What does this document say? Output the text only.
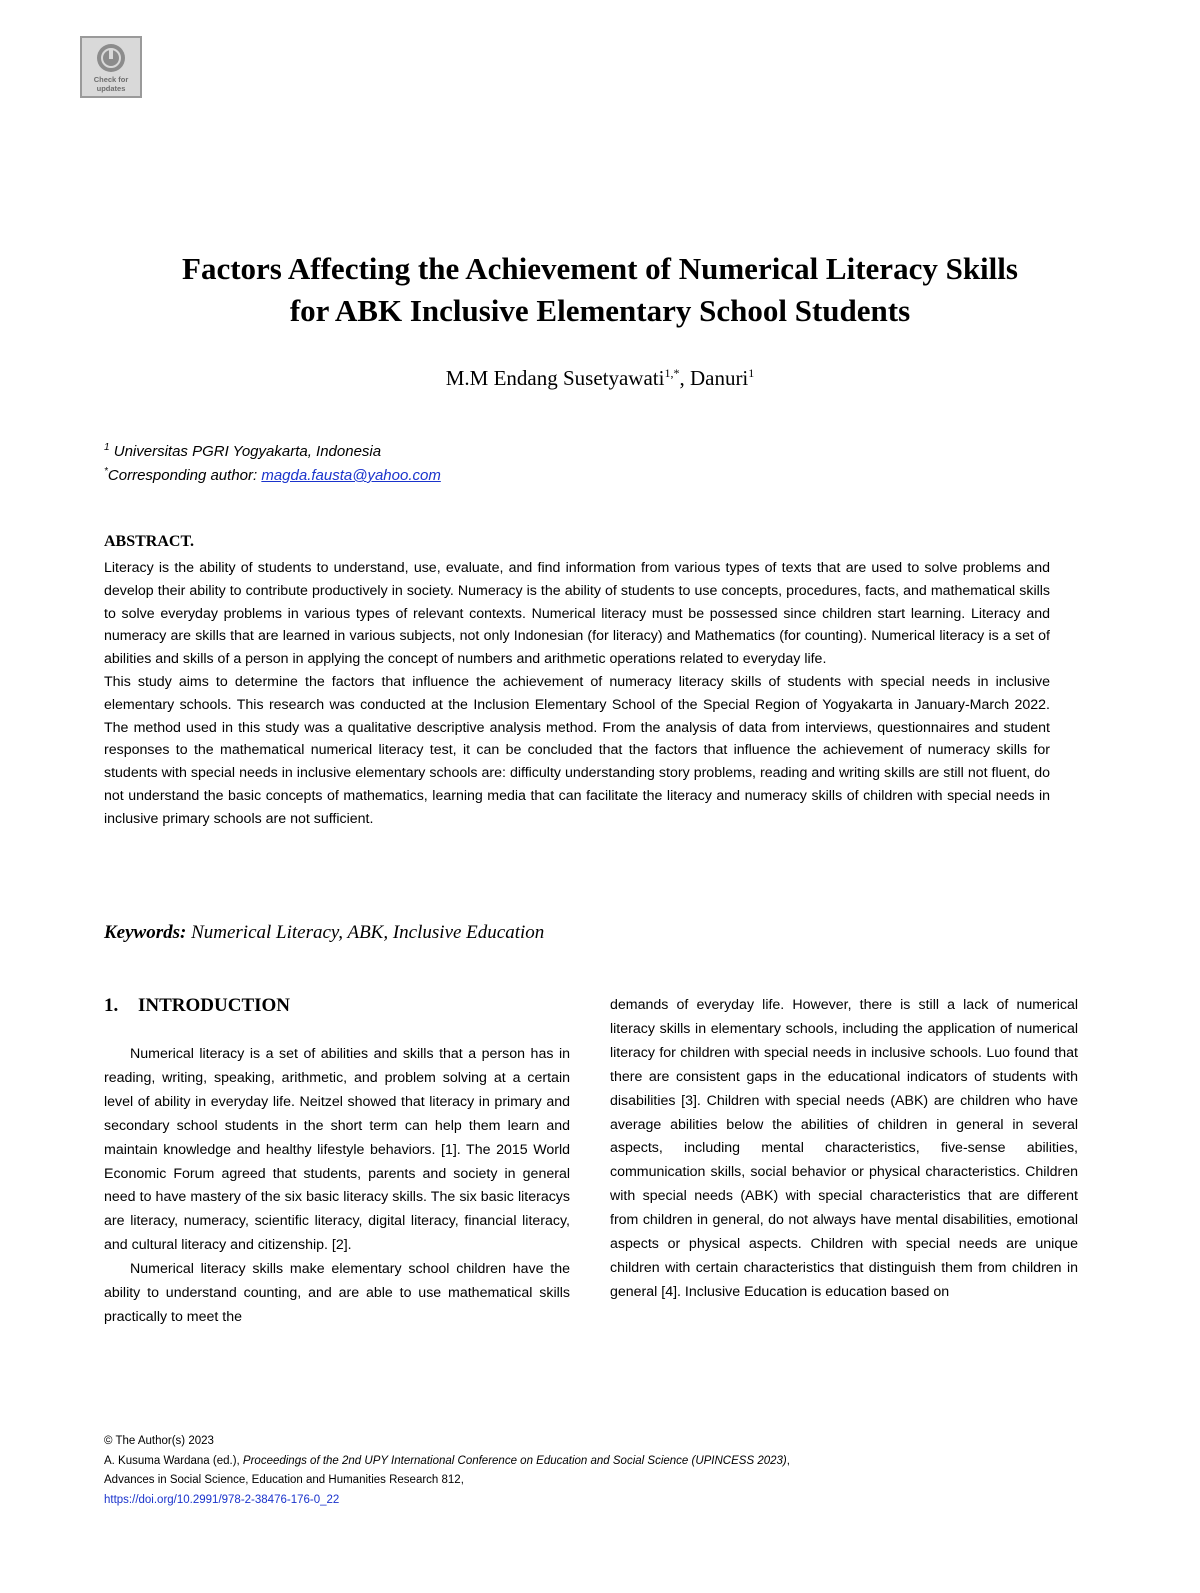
Check for
updates
Factors Affecting the Achievement of Numerical Literacy Skills
for ABK Inclusive Elementary School Students
M.M Endang Susetyawati$^{1,*}$, Danuri$^1$
$^1$ Universitas PGRI Yogyakarta, Indonesia
*Corresponding author: magda.fausta@yahoo.com
ABSTRACT.

Literacy is the ability of students to understand, use, evaluate, and find information from various types of texts that are used to solve problems and develop their ability to contribute productively in society. Numeracy is the ability of students to use concepts, procedures, facts, and mathematical skills to solve everyday problems in various types of relevant contexts. Numerical literacy must be possessed since children start learning. Literacy and numeracy are skills that are learned in various subjects, not only Indonesian (for literacy) and Mathematics (for counting). Numerical literacy is a set of abilities and skills of a person in applying the concept of numbers and arithmetic operations related to everyday life.

This study aims to determine the factors that influence the achievement of numeracy literacy skills of students with special needs in inclusive elementary schools. This research was conducted at the Inclusion Elementary School of the Special Region of Yogyakarta in January-March 2022. The method used in this study was a qualitative descriptive analysis method. From the analysis of data from interviews, questionnaires and student responses to the mathematical numerical literacy test, it can be concluded that the factors that influence the achievement of numeracy skills for students with special needs in inclusive elementary schools are: difficulty understanding story problems, reading and writing skills are still not fluent, do not understand the basic concepts of mathematics, learning media that can facilitate the literacy and numeracy skills of children with special needs in inclusive primary schools are not sufficient.

Keywords: Numerical Literacy, ABK, Inclusive Education
1. INTRODUCTION

Numerical literacy is a set of abilities and skills that a person has in reading, writing, speaking, arithmetic, and problem solving at a certain level of ability in everyday life. Neitzel showed that literacy in primary and secondary school students in the short term can help them learn and maintain knowledge and healthy lifestyle behaviors. [1]. The 2015 World Economic Forum agreed that students, parents and society in general need to have mastery of the six basic literacy skills. The six basic literacys are literacy, numeracy, scientific literacy, digital literacy, financial literacy, and cultural literacy and citizenship. [2].

Numerical literacy skills make elementary school children have the ability to understand counting, and are able to use mathematical skills practically to meet the

demands of everyday life. However, there is still a lack of numerical literacy skills in elementary schools, including the application of numerical literacy for children with special needs in inclusive schools. Luo found that there are consistent gaps in the educational indicators of students with disabilities [3]. Children with special needs (ABK) are children who have average abilities below the abilities of children in general in several aspects, including mental characteristics, five-sense abilities, communication skills, social behavior or physical characteristics. Children with special needs (ABK) with special characteristics that are different from children in general, do not always have mental disabilities, emotional aspects or physical aspects. Children with special needs are unique children with certain characteristics that distinguish them from children in general [4]. Inclusive Education is education based on

© The Author(s) 2023
A. Kusuma Wardana (ed.), Proceedings of the 2nd UPY International Conference on Education and Social Science (UPINCESS 2023),
Advances in Social Science, Education and Humanities Research 812,
https://doi.org/10.2991/978-2-38476-176-0_22
